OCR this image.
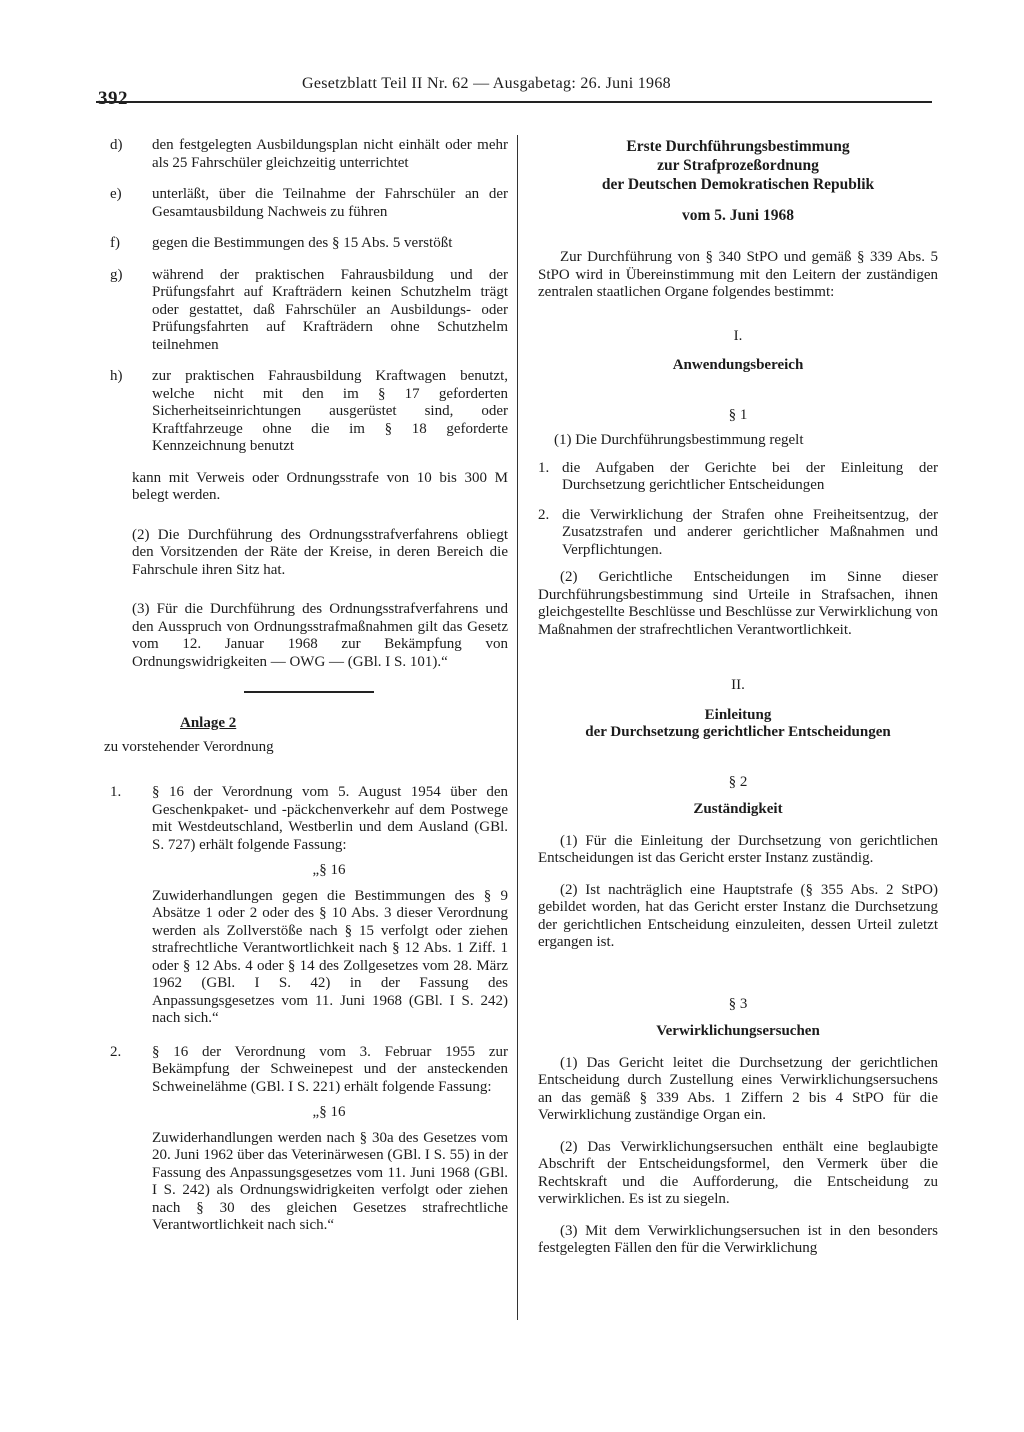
392
Gesetzblatt Teil II Nr. 62 — Ausgabetag: 26. Juni 1968
d)	den festgelegten Ausbildungsplan nicht einhält oder mehr als 25 Fahrschüler gleichzeitig unterrichtet
e)	unterläßt, über die Teilnahme der Fahrschüler an der Gesamtausbildung Nachweis zu führen
f)	gegen die Bestimmungen des § 15 Abs. 5 verstößt
g)	während der praktischen Fahrausbildung und der Prüfungsfahrt auf Krafträdern keinen Schutzhelm trägt oder gestattet, daß Fahrschüler an Ausbildungs- oder Prüfungsfahrten auf Krafträdern ohne Schutzhelm teilnehmen
h)	zur praktischen Fahrausbildung Kraftwagen benutzt, welche nicht mit den im § 17 geforderten Sicherheitseinrichtungen ausgerüstet sind, oder Kraftfahrzeuge ohne die im § 18 geforderte Kennzeichnung benutzt

kann mit Verweis oder Ordnungsstrafe von 10 bis 300 M belegt werden.

(2) Die Durchführung des Ordnungsstrafverfahrens obliegt den Vorsitzenden der Räte der Kreise, in deren Bereich die Fahrschule ihren Sitz hat.

(3) Für die Durchführung des Ordnungsstrafverfahrens und den Ausspruch von Ordnungsstrafmaßnahmen gilt das Gesetz vom 12. Januar 1968 zur Bekämpfung von Ordnungswidrigkeiten — OWG — (GBl. I S. 101).“

Anlage 2
zu vorstehender Verordnung
1.	§ 16 der Verordnung vom 5. August 1954 über den Geschenkpaket- und -päckchenverkehr auf dem Postwege mit Westdeutschland, Westberlin und dem Ausland (GBl. S. 727) erhält folgende Fassung:
„§ 16

Zuwiderhandlungen gegen die Bestimmungen des § 9 Absätze 1 oder 2 oder des § 10 Abs. 3 dieser Verordnung werden als Zollverstöße nach § 15 verfolgt oder ziehen strafrechtliche Verantwortlichkeit nach § 12 Abs. 1 Ziff. 1 oder § 12 Abs. 4 oder § 14 des Zollgesetzes vom 28. März 1962 (GBl. I S. 42) in der Fassung des Anpassungsgesetzes vom 11. Juni 1968 (GBl. I S. 242) nach sich.“

2.	§ 16 der Verordnung vom 3. Februar 1955 zur Bekämpfung der Schweinepest und der ansteckenden Schweinelähme (GBl. I S. 221) erhält folgende Fassung:
„§ 16

Zuwiderhandlungen werden nach § 30a des Gesetzes vom 20. Juni 1962 über das Veterinärwesen (GBl. I S. 55) in der Fassung des Anpassungsgesetzes vom 11. Juni 1968 (GBl. I S. 242) als Ordnungswidrigkeiten verfolgt oder ziehen nach § 30 des gleichen Gesetzes strafrechtliche Verantwortlichkeit nach sich.“

Erste Durchführungsbestimmung
zur Strafprozeßordnung
der Deutschen Demokratischen Republik
vom 5. Juni 1968

Zur Durchführung von § 340 StPO und gemäß § 339 Abs. 5 StPO wird in Übereinstimmung mit den Leitern der zuständigen zentralen staatlichen Organe folgendes bestimmt:

I.
Anwendungsbereich
§ 1

(1) Die Durchführungsbestimmung regelt

1. die Aufgaben der Gerichte bei der Einleitung der Durchsetzung gerichtlicher Entscheidungen
2. die Verwirklichung der Strafen ohne Freiheitsentzug, der Zusatzstrafen und anderer gerichtlicher Maßnahmen und Verpflichtungen.

(2) Gerichtliche Entscheidungen im Sinne dieser Durchführungsbestimmung sind Urteile in Strafsachen, ihnen gleichgestellte Beschlüsse und Beschlüsse zur Verwirklichung von Maßnahmen der strafrechtlichen Verantwortlichkeit.

II.
Einleitung
der Durchsetzung gerichtlicher Entscheidungen
§ 2
Zuständigkeit

(1) Für die Einleitung der Durchsetzung von gerichtlichen Entscheidungen ist das Gericht erster Instanz zuständig.

(2) Ist nachträglich eine Hauptstrafe (§ 355 Abs. 2 StPO) gebildet worden, hat das Gericht erster Instanz die Durchsetzung der gerichtlichen Entscheidung einzuleiten, dessen Urteil zuletzt ergangen ist.

§ 3
Verwirklichungsersuchen

(1) Das Gericht leitet die Durchsetzung der gerichtlichen Entscheidung durch Zustellung eines Verwirklichungsersuchens an das gemäß § 339 Abs. 1 Ziffern 2 bis 4 StPO für die Verwirklichung zuständige Organ ein.

(2) Das Verwirklichungsersuchen enthält eine beglaubigte Abschrift der Entscheidungsformel, den Vermerk über die Rechtskraft und die Aufforderung, die Entscheidung zu verwirklichen. Es ist zu siegeln.

(3) Mit dem Verwirklichungsersuchen ist in den besonders festgelegten Fällen den für die Verwirklichung
